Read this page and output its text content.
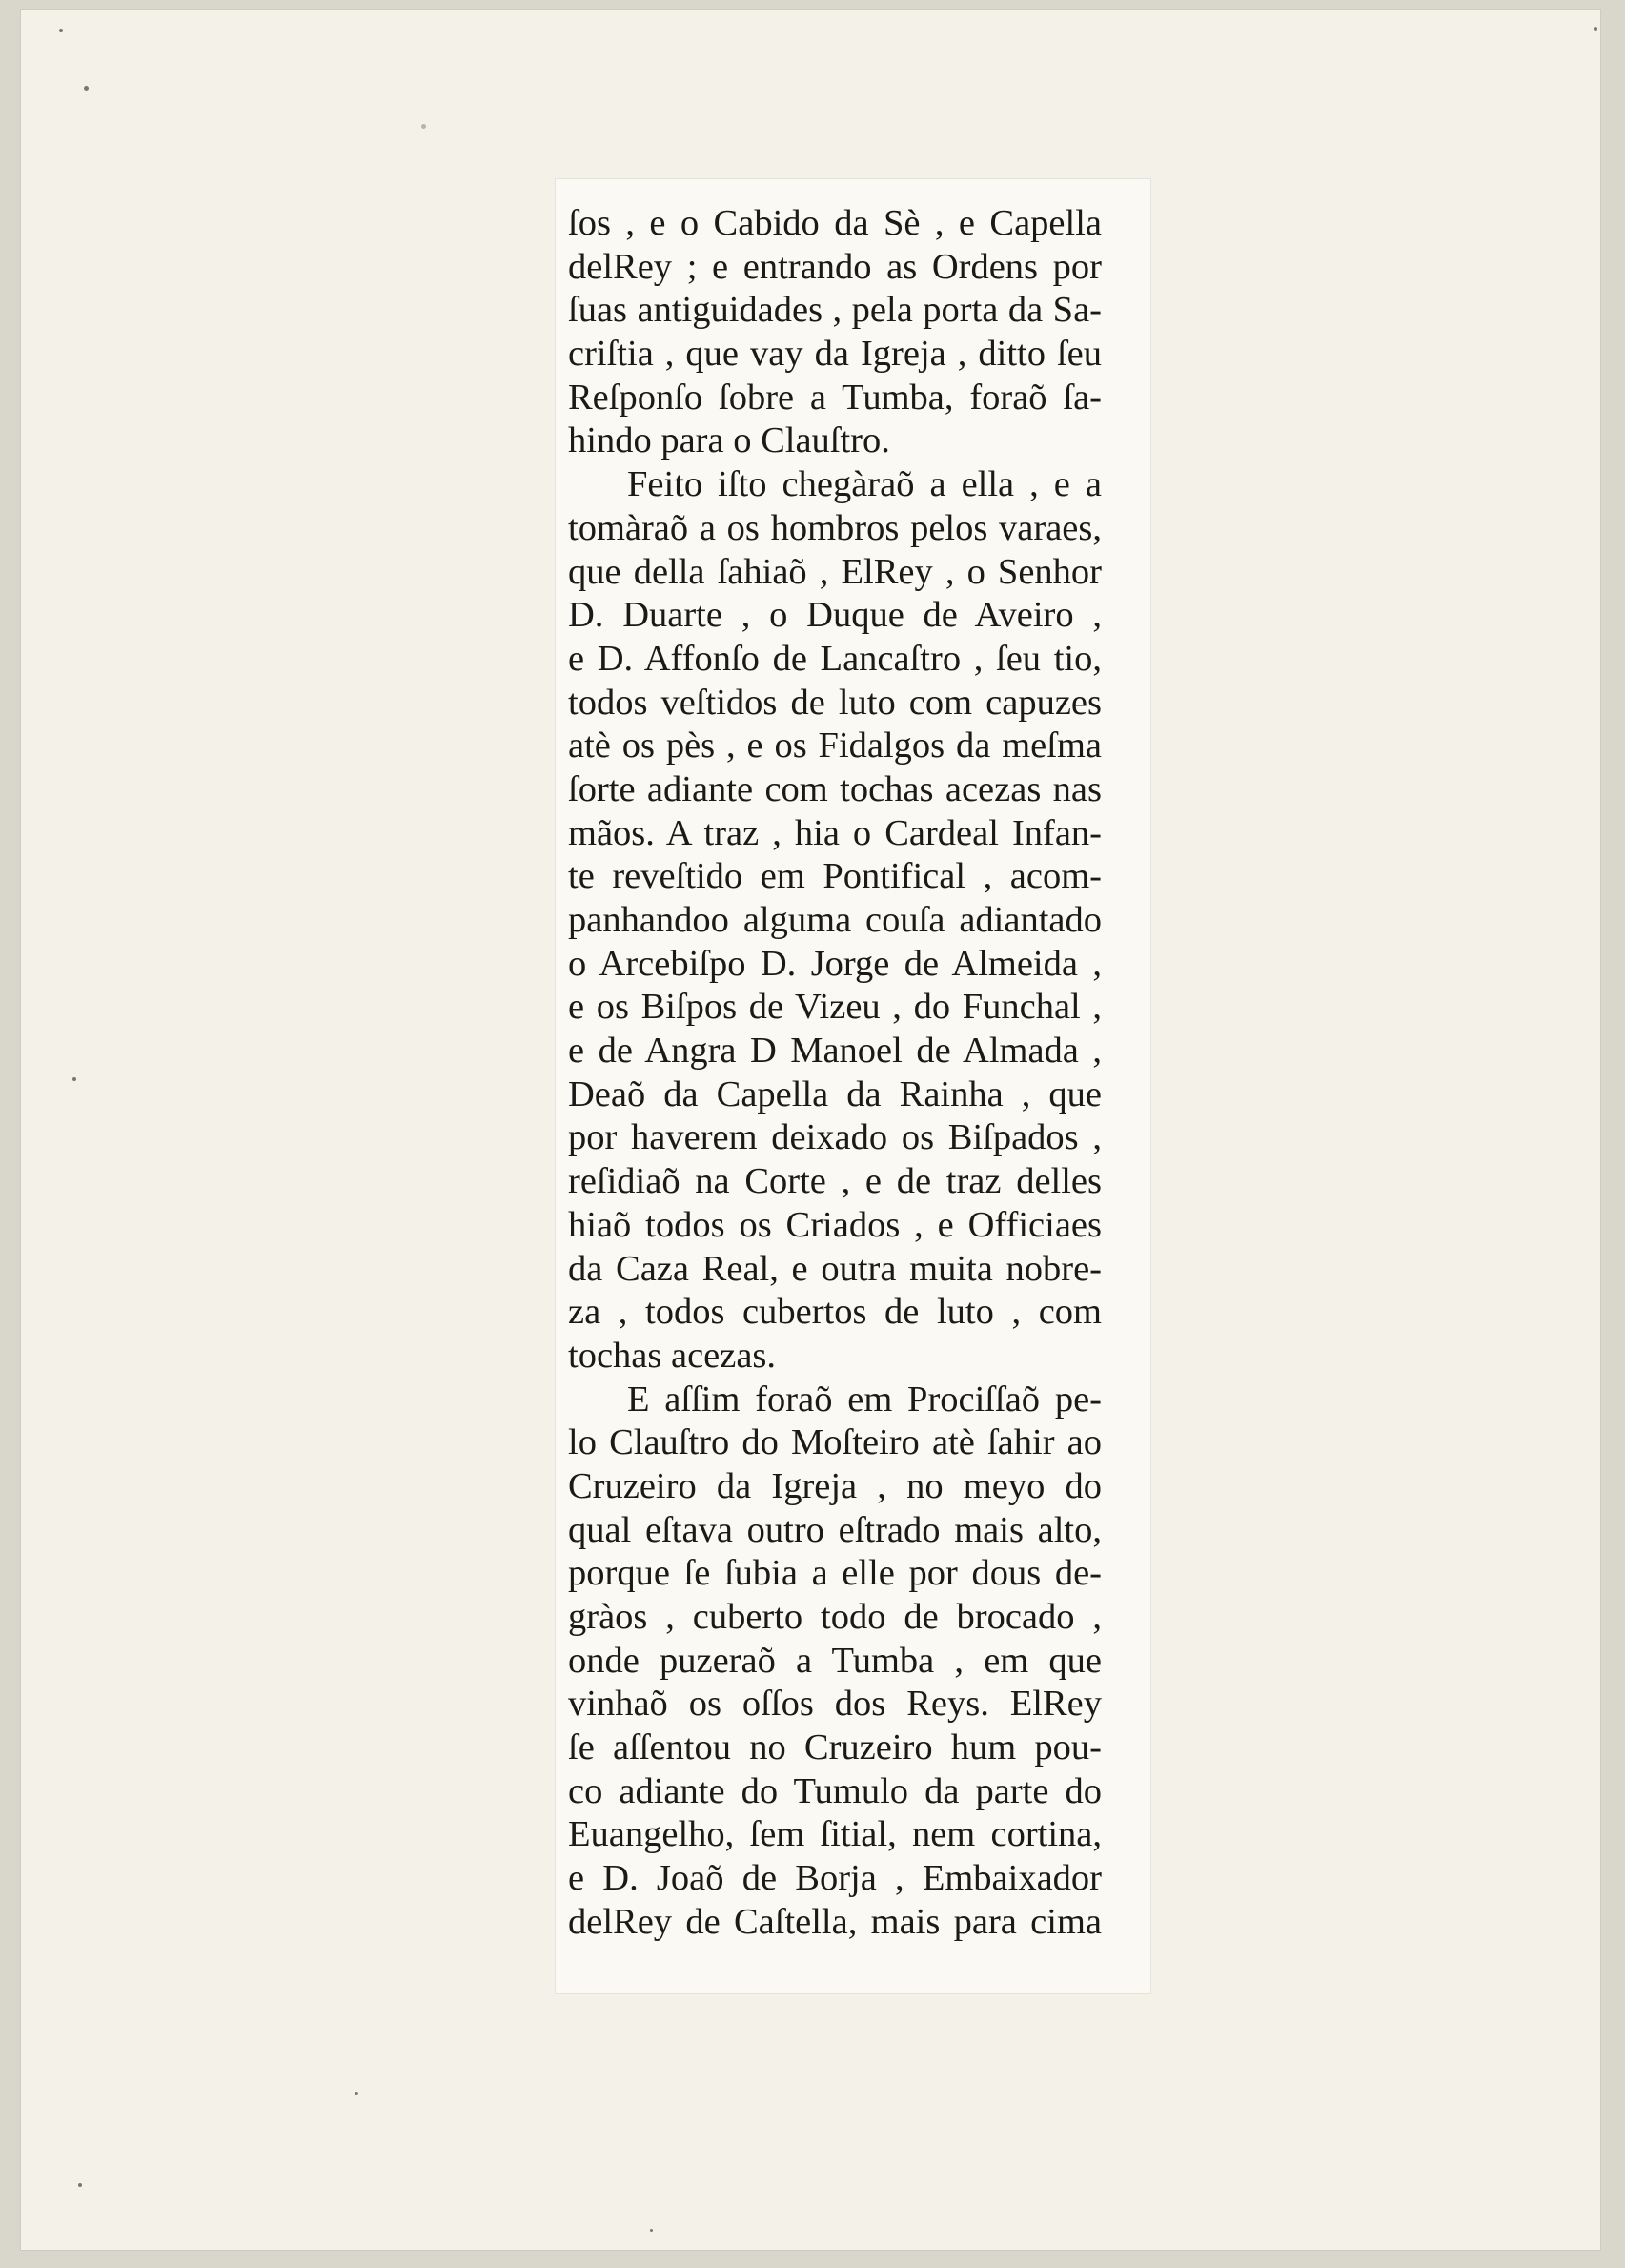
ſos , e o Cabido da Sè , e Capella
delRey ; e entrando as Ordens por
ſuas antiguidades , pela porta da Sa-
criſtia , que vay da Igreja , ditto ſeu
Reſponſo ſobre a Tumba, foraõ ſa-
hindo para o Clauſtro.
Feito iſto chegàraõ a ella , e a
tomàraõ a os hombros pelos varaes,
que della ſahiaõ , ElRey , o Senhor
D. Duarte , o Duque de Aveiro ,
e D. Affonſo de Lancaſtro , ſeu tio,
todos veſtidos de luto com capuzes
atè os pès , e os Fidalgos da meſma
ſorte adiante com tochas acezas nas
mãos. A traz , hia o Cardeal Infan-
te reveſtido em Pontifical , acom-
panhandoo alguma couſa adiantado
o Arcebiſpo D. Jorge de Almeida ,
e os Biſpos de Vizeu , do Funchal ,
e de Angra D Manoel de Almada ,
Deaõ da Capella da Rainha , que
por haverem deixado os Biſpados ,
reſidiaõ na Corte , e de traz delles
hiaõ todos os Criados , e Officiaes
da Caza Real, e outra muita nobre-
za , todos cubertos de luto , com
tochas acezas.
E aſſim foraõ em Prociſſaõ pe-
lo Clauſtro do Moſteiro atè ſahir ao
Cruzeiro da Igreja , no meyo do
qual eſtava outro eſtrado mais alto,
porque ſe ſubia a elle por dous de-
gràos , cuberto todo de brocado ,
onde puzeraõ a Tumba , em que
vinhaõ os oſſos dos Reys. ElRey
ſe aſſentou no Cruzeiro hum pou-
co adiante do Tumulo da parte do
Euangelho, ſem ſitial, nem cortina,
e D. Joaõ de Borja , Embaixador
delRey de Caſtella, mais para cima
